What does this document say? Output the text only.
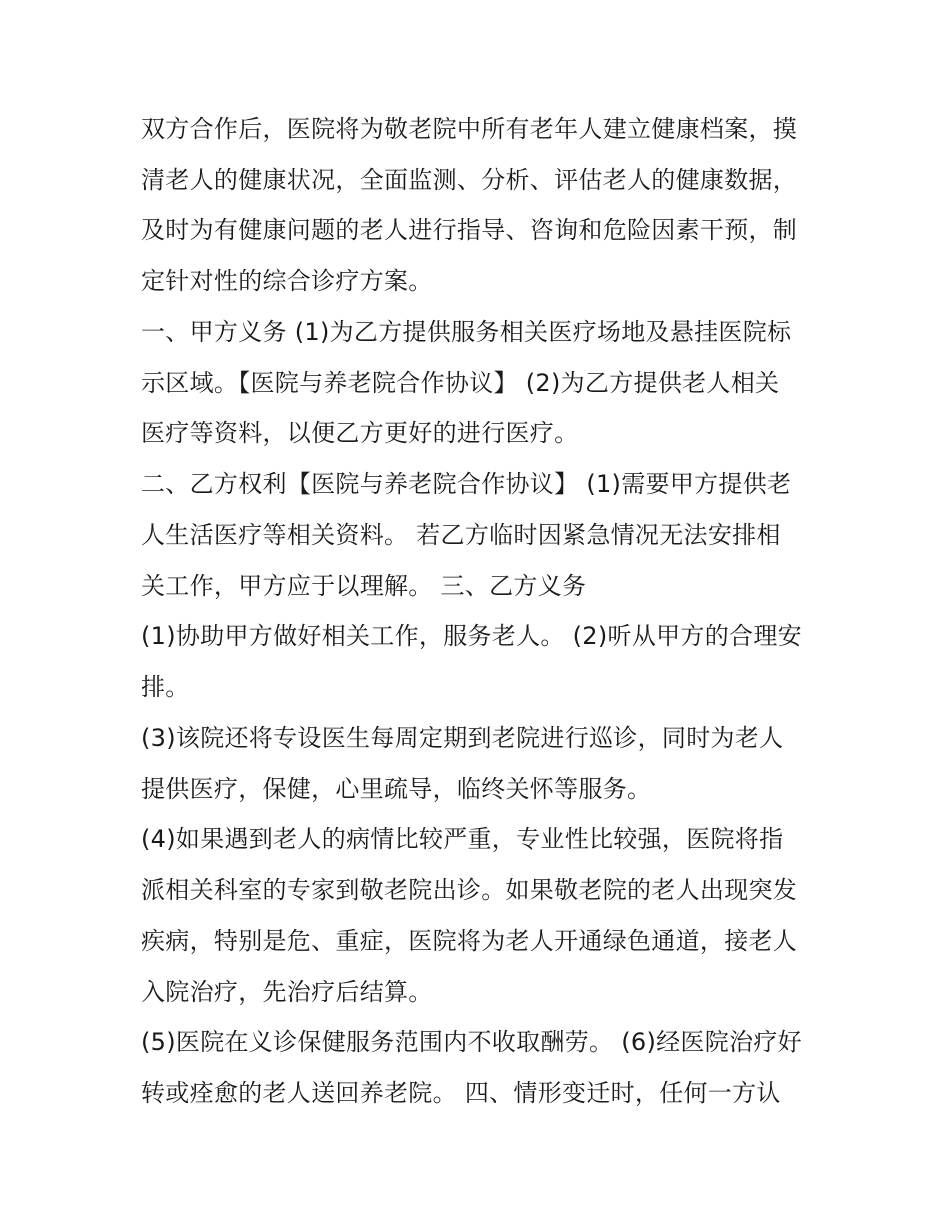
双方合作后，医院将为敬老院中所有老年人建立健康档案，摸
清老人的健康状况，全面监测、分析、评估老人的健康数据，
及时为有健康问题的老人进行指导、咨询和危险因素干预，制
定针对性的综合诊疗方案。
一、甲方义务 (1)为乙方提供服务相关医疗场地及悬挂医院标
示区域。【医院与养老院合作协议】 (2)为乙方提供老人相关
医疗等资料，以便乙方更好的进行医疗。
二、乙方权利【医院与养老院合作协议】 (1)需要甲方提供老
人生活医疗等相关资料。 若乙方临时因紧急情况无法安排相
关工作，甲方应于以理解。 三、乙方义务
(1)协助甲方做好相关工作，服务老人。 (2)听从甲方的合理安
排。
(3)该院还将专设医生每周定期到老院进行巡诊，同时为老人
提供医疗，保健，心里疏导，临终关怀等服务。
(4)如果遇到老人的病情比较严重，专业性比较强，医院将指
派相关科室的专家到敬老院出诊。如果敬老院的老人出现突发
疾病，特别是危、重症，医院将为老人开通绿色通道，接老人
入院治疗，先治疗后结算。
(5)医院在义诊保健服务范围内不收取酬劳。 (6)经医院治疗好
转或痊愈的老人送回养老院。 四、情形变迁时，任何一方认
